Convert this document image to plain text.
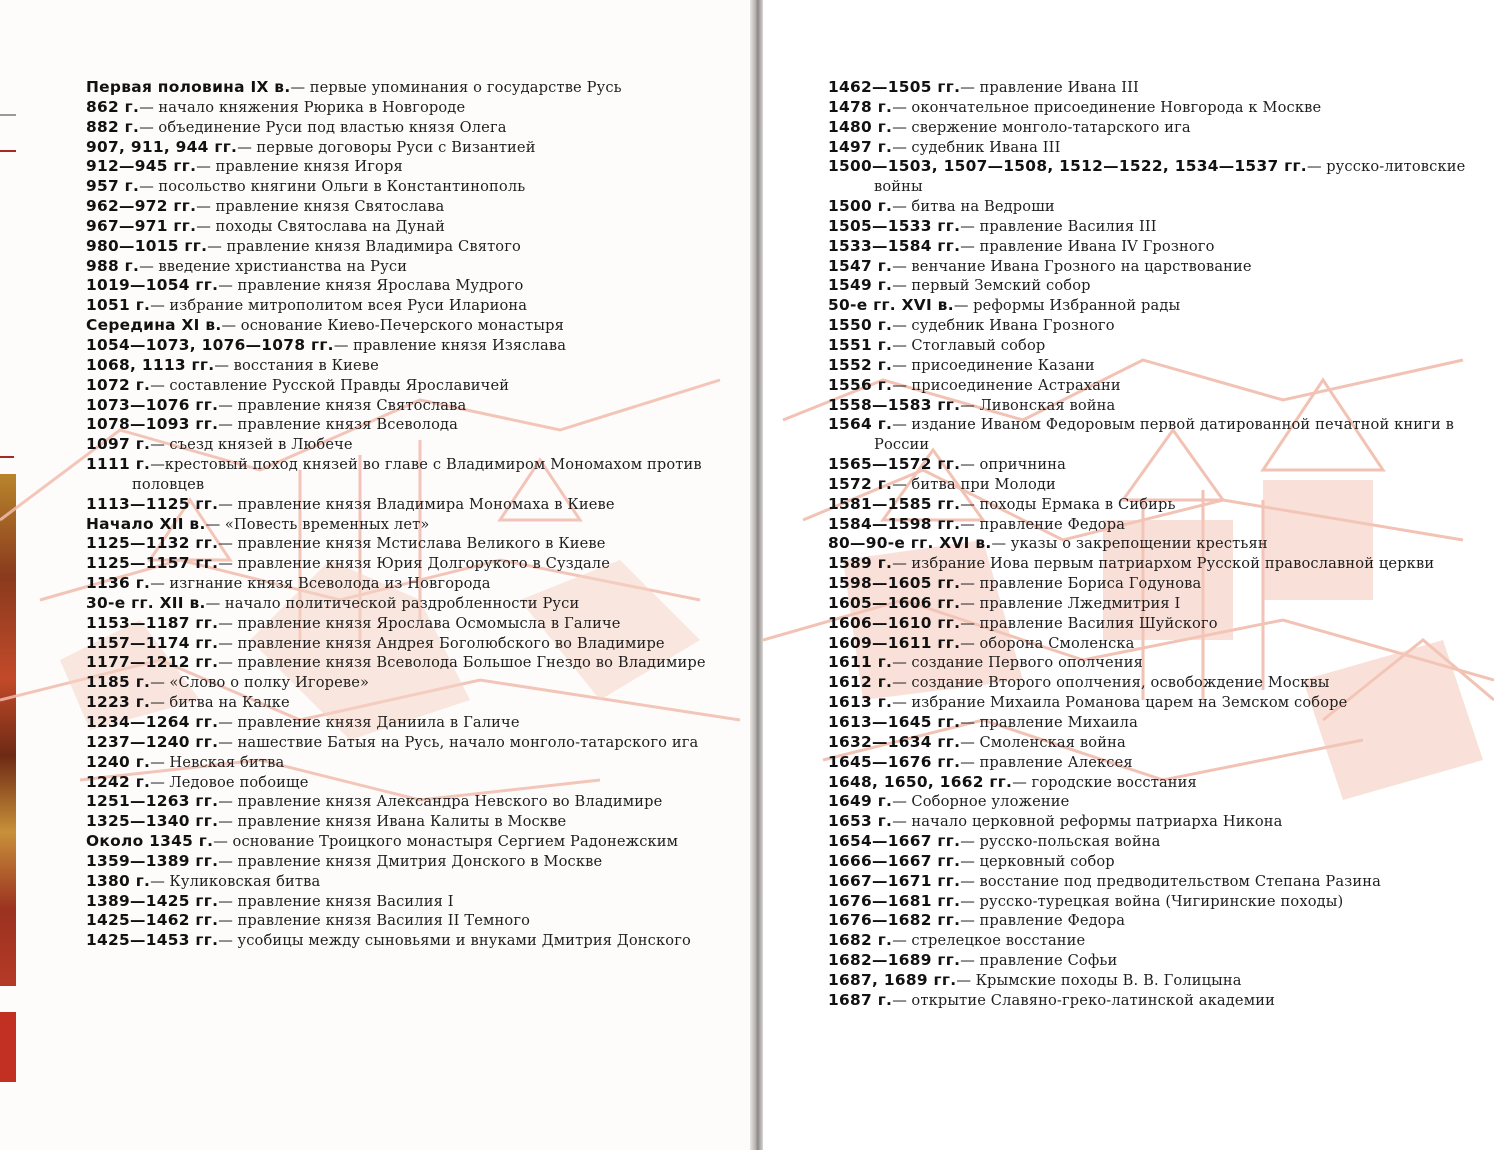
Первая половина IX в.— первые упоминания о государстве Русь
862 г.— начало княжения Рюрика в Новгороде
882 г.— объединение Руси под властью князя Олега
907, 911, 944 гг.— первые договоры Руси с Византией
912—945 гг.— правление князя Игоря
957 г.— посольство княгини Ольги в Константинополь
962—972 гг.— правление князя Святослава
967—971 гг.— походы Святослава на Дунай
980—1015 гг.— правление князя Владимира Святого
988 г.— введение христианства на Руси
1019—1054 гг.— правление князя Ярослава Мудрого
1051 г.— избрание митрополитом всея Руси Илариона
Середина XI в.— основание Киево-Печерского монастыря
1054—1073, 1076—1078 гг.— правление князя Изяслава
1068, 1113 гг.— восстания в Киеве
1072 г.— составление Русской Правды Ярославичей
1073—1076 гг.— правление князя Святослава
1078—1093 гг.— правление князя Всеволода
1097 г.— съезд князей в Любече
1111 г.—крестовый поход князей во главе с Владимиром Мономахом против половцев
1113—1125 гг.— правление князя Владимира Мономаха в Киеве
Начало XII в.— «Повесть временных лет»
1125—1132 гг.— правление князя Мстислава Великого в Киеве
1125—1157 гг.— правление князя Юрия Долгорукого в Суздале
1136 г.— изгнание князя Всеволода из Новгорода
30-е гг. XII в.— начало политической раздробленности Руси
1153—1187 гг.— правление князя Ярослава Осмомысла в Галиче
1157—1174 гг.— правление князя Андрея Боголюбского во Владимире
1177—1212 гг.— правление князя Всеволода Большое Гнездо во Владимире
1185 г.— «Слово о полку Игореве»
1223 г.— битва на Калке
1234—1264 гг.— правление князя Даниила в Галиче
1237—1240 гг.— нашествие Батыя на Русь, начало монголо-татарского ига
1240 г.— Невская битва
1242 г.— Ледовое побоище
1251—1263 гг.— правление князя Александра Невского во Владимире
1325—1340 гг.— правление князя Ивана Калиты в Москве
Около 1345 г.— основание Троицкого монастыря Сергием Радонежским
1359—1389 гг.— правление князя Дмитрия Донского в Москве
1380 г.— Куликовская битва
1389—1425 гг.— правление князя Василия I
1425—1462 гг.— правление князя Василия II Темного
1425—1453 гг.— усобицы между сыновьями и внуками Дмитрия Донского
1462—1505 гг.— правление Ивана III
1478 г.— окончательное присоединение Новгорода к Москве
1480 г.— свержение монголо-татарского ига
1497 г.— судебник Ивана III
1500—1503, 1507—1508, 1512—1522, 1534—1537 гг.— русско-литовские войны
1500 г.— битва на Ведроши
1505—1533 гг.— правление Василия III
1533—1584 гг.— правление Ивана IV Грозного
1547 г.— венчание Ивана Грозного на царствование
1549 г.— первый Земский собор
50-е гг. XVI в.— реформы Избранной рады
1550 г.— судебник Ивана Грозного
1551 г.— Стоглавый собор
1552 г.— присоединение Казани
1556 г.— присоединение Астрахани
1558—1583 гг.— Ливонская война
1564 г.— издание Иваном Федоровым первой датированной печатной книги в России
1565—1572 гг.— опричнина
1572 г.— битва при Молоди
1581—1585 гг.— походы Ермака в Сибирь
1584—1598 гг.— правление Федора
80—90-е гг. XVI в.— указы о закрепощении крестьян
1589 г.— избрание Иова первым патриархом Русской православной церкви
1598—1605 гг.— правление Бориса Годунова
1605—1606 гг.— правление Лжедмитрия I
1606—1610 гг.— правление Василия Шуйского
1609—1611 гг.— оборона Смоленска
1611 г.— создание Первого ополчения
1612 г.— создание Второго ополчения, освобождение Москвы
1613 г.— избрание Михаила Романова царем на Земском соборе
1613—1645 гг.— правление Михаила
1632—1634 гг.— Смоленская война
1645—1676 гг.— правление Алексея
1648, 1650, 1662 гг.— городские восстания
1649 г.— Соборное уложение
1653 г.— начало церковной реформы патриарха Никона
1654—1667 гг.— русско-польская война
1666—1667 гг.— церковный собор
1667—1671 гг.— восстание под предводительством Степана Разина
1676—1681 гг.— русско-турецкая война (Чигиринские походы)
1676—1682 гг.— правление Федора
1682 г.— стрелецкое восстание
1682—1689 гг.— правление Софьи
1687, 1689 гг.— Крымские походы В. В. Голицына
1687 г.— открытие Славяно-греко-латинской академии
